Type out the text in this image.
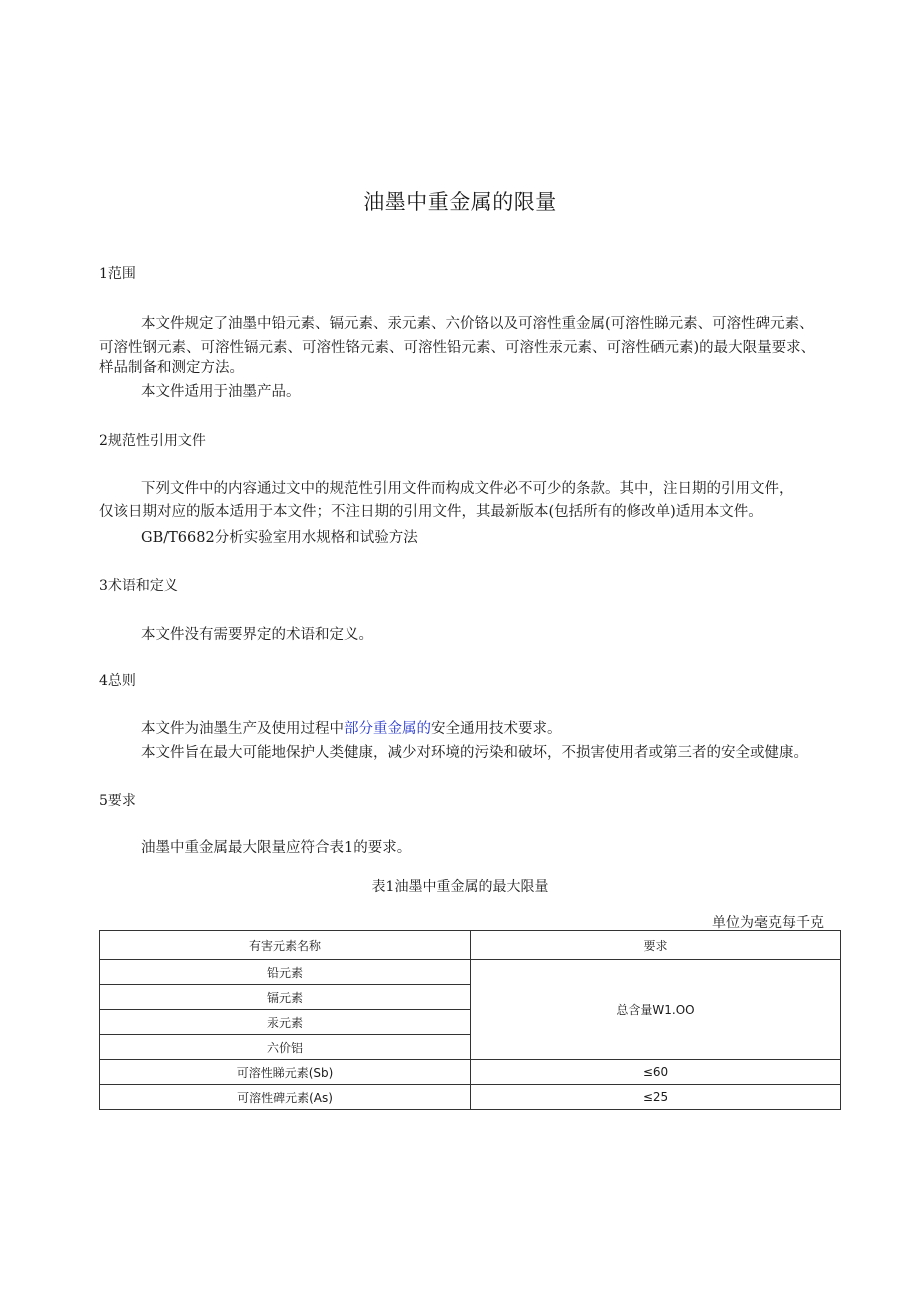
油墨中重金属的限量
1范围
本文件规定了油墨中铅元素、镉元素、汞元素、六价铬以及可溶性重金属(可溶性睇元素、可溶性碑元素、
可溶性钢元素、可溶性镉元素、可溶性铬元素、可溶性铅元素、可溶性汞元素、可溶性硒元素)的最大限量要求、
样品制备和测定方法。
本文件适用于油墨产品。
2规范性引用文件
下列文件中的内容通过文中的规范性引用文件而构成文件必不可少的条款。其中，注日期的引用文件，
仅该日期对应的版本适用于本文件；不注日期的引用文件，其最新版本(包括所有的修改单)适用本文件。
GB/T6682分析实验室用水规格和试验方法
3术语和定义
本文件没有需要界定的术语和定义。
4总则
本文件为油墨生产及使用过程中部分重金属的安全通用技术要求。
本文件旨在最大可能地保护人类健康，减少对环境的污染和破坏，不损害使用者或第三者的安全或健康。
5要求
油墨中重金属最大限量应符合表1的要求。
表1油墨中重金属的最大限量
单位为毫克每千克
有害元素名称	要求
铅元素	总含量W1.OO
镉元素	
汞元素	
六价铝	
可溶性睇元素(Sb)	≤60
可溶性碑元素(As)	≤25
